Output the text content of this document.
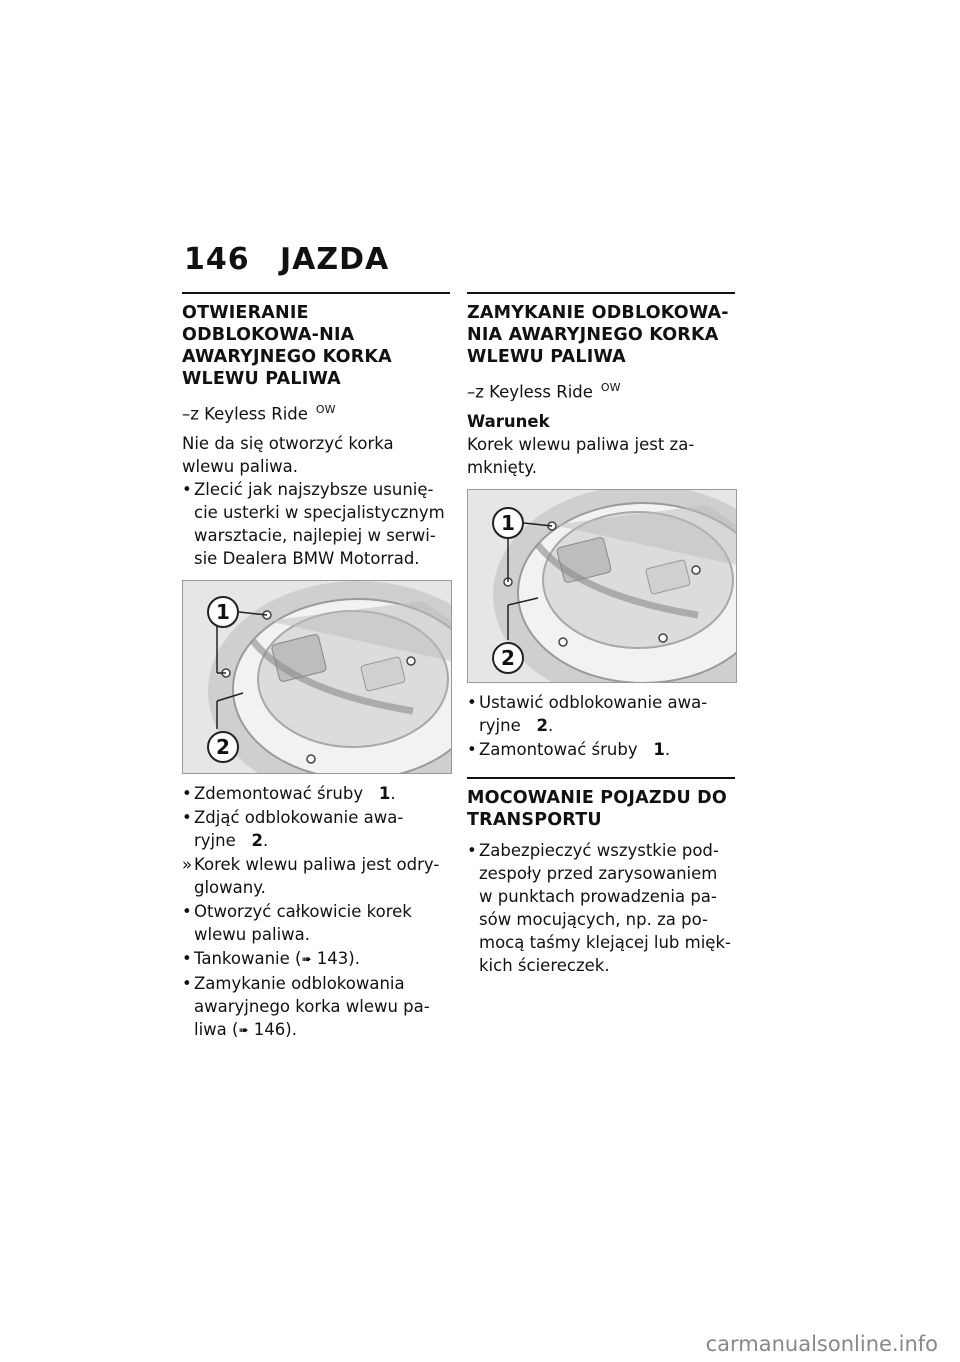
146 JAZDA
OTWIERANIE ODBLOKOWA-NIA AWARYJNEGO KORKA WLEWU PALIWA
–z Keyless Ride $^{OW}$
Nie da się otworzyć korka wlewu paliwa.
• Zlecić jak najszybsze usunię-cie usterki w specjalistycznym warsztacie, najlepiej w serwi-sie Dealera BMW Motorrad.
1
2
• Zdemontować śruby 1.
• Zdjąć odblokowanie awa-ryjne 2.
» Korek wlewu paliwa jest odry-glowany.
• Otworzyć całkowicie korek wlewu paliwa.
• Tankowanie (➠ 143).
• Zamykanie odblokowania awaryjnego korka wlewu pa-liwa (➠ 146).
ZAMYKANIE ODBLOKOWA-NIA AWARYJNEGO KORKA WLEWU PALIWA
–z Keyless Ride $^{OW}$
Warunek
Korek wlewu paliwa jest za-mknięty.
1
2
• Ustawić odblokowanie awa-ryjne 2.
• Zamontować śruby 1.
MOCOWANIE POJAZDU DO TRANSPORTU
• Zabezpieczyć wszystkie pod-zespoły przed zarysowaniem w punktach prowadzenia pa-sów mocujących, np. za po-mocą taśmy klejącej lub mięk-kich ściereczek.
carmanualsonline.info
